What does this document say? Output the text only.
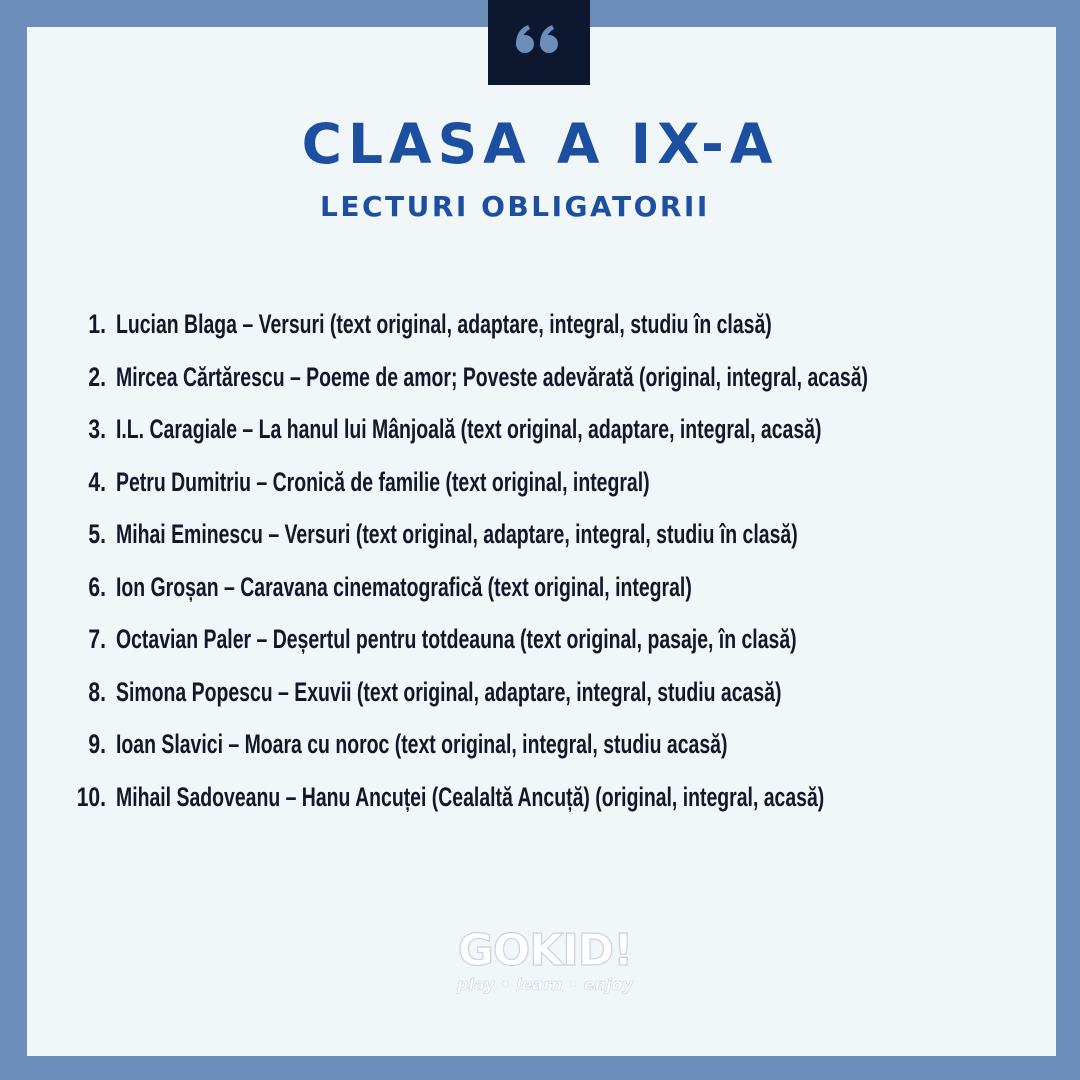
CLASA A IX-A
LECTURI OBLIGATORII
1. Lucian Blaga – Versuri (text original, adaptare, integral, studiu în clasă)
2. Mircea Cărtărescu – Poeme de amor; Poveste adevărată (original, integral, acasă)
3. I.L. Caragiale – La hanul lui Mânjoală (text original, adaptare, integral, acasă)
4. Petru Dumitriu – Cronică de familie (text original, integral)
5. Mihai Eminescu – Versuri (text original, adaptare, integral, studiu în clasă)
6. Ion Groșan – Caravana cinematografică (text original, integral)
7. Octavian Paler – Deșertul pentru totdeauna (text original, pasaje, în clasă)
8. Simona Popescu – Exuvii (text original, adaptare, integral, studiu acasă)
9. Ioan Slavici – Moara cu noroc (text original, integral, studiu acasă)
10. Mihail Sadoveanu – Hanu Ancuței (Cealaltă Ancuță) (original, integral, acasă)
GOKID!
play • learn • enjoy
